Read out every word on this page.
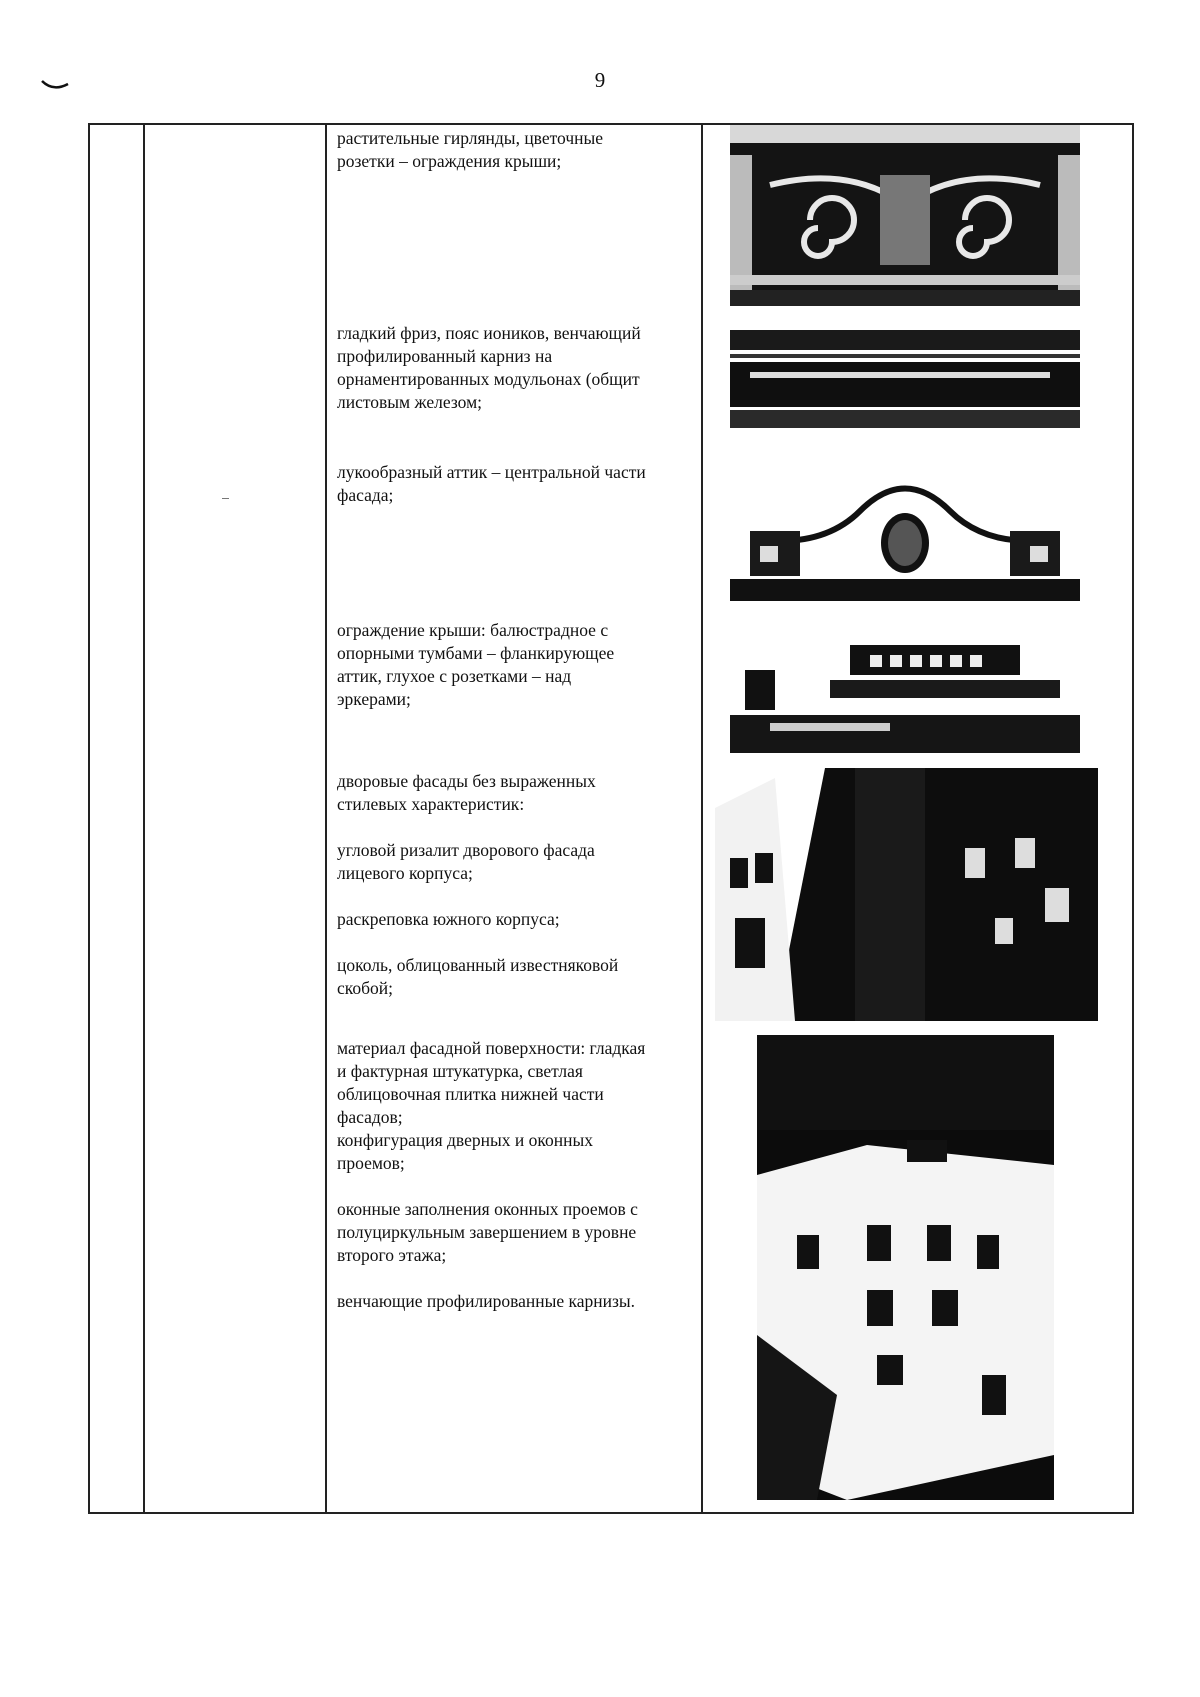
9

растительные гирлянды, цветочные
розетки – ограждения крыши;

гладкий фриз, пояс иоников, венчающий
профилированный карниз на
орнаментированных модульонах (общит
листовым железом;

лукообразный аттик – центральной части
фасада;

ограждение крыши: балюстрадное с
опорными тумбами – фланкирующее
аттик, глухое с розетками – над
эркерами;

дворовые фасады без выраженных
стилевых характеристик:

угловой ризалит дворового фасада
лицевого корпуса;

раскреповка южного корпуса;

цоколь, облицованный известняковой
скобой;

материал фасадной поверхности: гладкая
и фактурная штукатурка, светлая
облицовочная плитка нижней части
фасадов;

конфигурация дверных и оконных
проемов;

оконные заполнения оконных проемов с
полуциркульным завершением в уровне
второго этажа;

венчающие профилированные карнизы.
